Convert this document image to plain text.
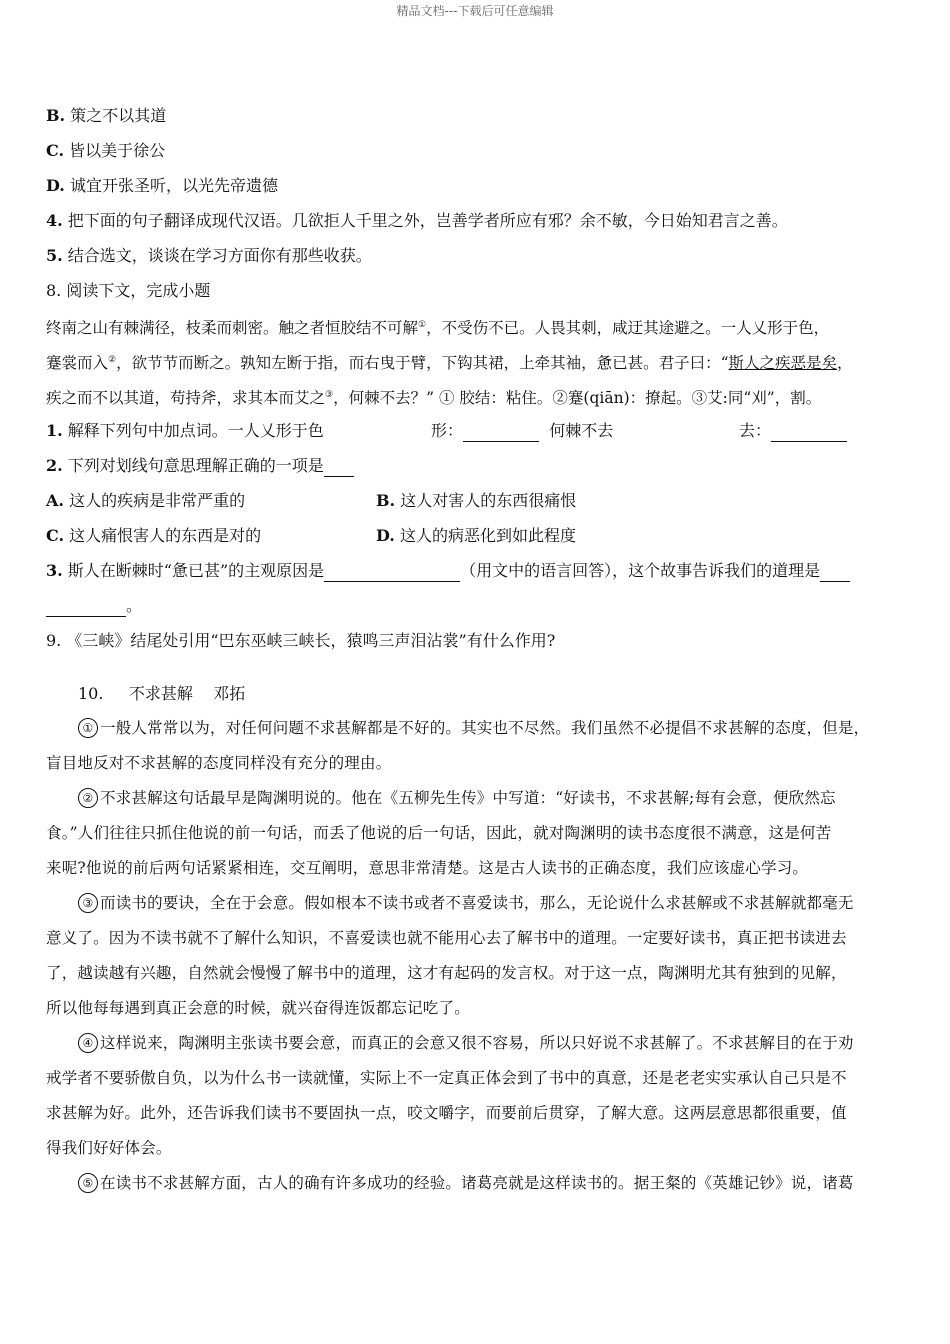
精品文档---下载后可任意编辑
B. 策之不以其道
C. 皆以美于徐公
D. 诚宜开张圣听，以光先帝遗德
4. 把下面的句子翻译成现代汉语。几欲拒人千里之外，岂善学者所应有邪？余不敏，今日始知君言之善。
5. 结合选文，谈谈在学习方面你有那些收获。
8. 阅读下文，完成小题
终南之山有棘满径，枝柔而刺密。触之者恒胶结不可解①，不受伤不已。人畏其刺，咸迂其途避之。一人乂形于色，
蹇裳而入②，欲节节而断之。孰知左断于指，而右曳于臂，下钩其裙，上牵其袖，惫已甚。君子曰：“斯人之疾恶是矣，
疾之而不以其道，苟持斧，求其本而艾之③，何棘不去？” ① 胶结：粘住。②蹇(qiān)：撩起。③艾:同“刈”，割。
1. 解释下列句中加点词。一人乂形于色	形：	何棘不去	去：
2. 下列对划线句意思理解正确的一项是
A. 这人的疾病是非常严重的	B. 这人对害人的东西很痛恨
C. 这人痛恨害人的东西是对的	D. 这人的病恶化到如此程度
3. 斯人在断棘时“惫已甚”的主观原因是	（用文中的语言回答），这个故事告诉我们的道理是
。
9. 《三峡》结尾处引用“巴东巫峡三峡长，猿鸣三声泪沾裳”有什么作用?
10. 不求甚解 邓拓
① 一般人常常以为，对任何问题不求甚解都是不好的。其实也不尽然。我们虽然不必提倡不求甚解的态度，但是，
盲目地反对不求甚解的态度同样没有充分的理由。
② 不求甚解这句话最早是陶渊明说的。他在《五柳先生传》中写道：“好读书，不求甚解;每有会意，便欣然忘
食。”人们往往只抓住他说的前一句话，而丢了他说的后一句话，因此，就对陶渊明的读书态度很不满意，这是何苦
来呢?他说的前后两句话紧紧相连，交互阐明，意思非常清楚。这是古人读书的正确态度，我们应该虚心学习。
③ 而读书的要诀，全在于会意。假如根本不读书或者不喜爱读书，那么，无论说什么求甚解或不求甚解就都毫无
意义了。因为不读书就不了解什么知识，不喜爱读也就不能用心去了解书中的道理。一定要好读书，真正把书读进去
了，越读越有兴趣，自然就会慢慢了解书中的道理，这才有起码的发言权。对于这一点，陶渊明尤其有独到的见解，
所以他每每遇到真正会意的时候，就兴奋得连饭都忘记吃了。
④ 这样说来，陶渊明主张读书要会意，而真正的会意又很不容易，所以只好说不求甚解了。不求甚解目的在于劝
戒学者不要骄傲自负，以为什么书一读就懂，实际上不一定真正体会到了书中的真意，还是老老实实承认自己只是不
求甚解为好。此外，还告诉我们读书不要固执一点，咬文嚼字，而要前后贯穿，了解大意。这两层意思都很重要，值
得我们好好体会。
⑤ 在读书不求甚解方面，古人的确有许多成功的经验。诸葛亮就是这样读书的。据王粲的《英雄记钞》说，诸葛
